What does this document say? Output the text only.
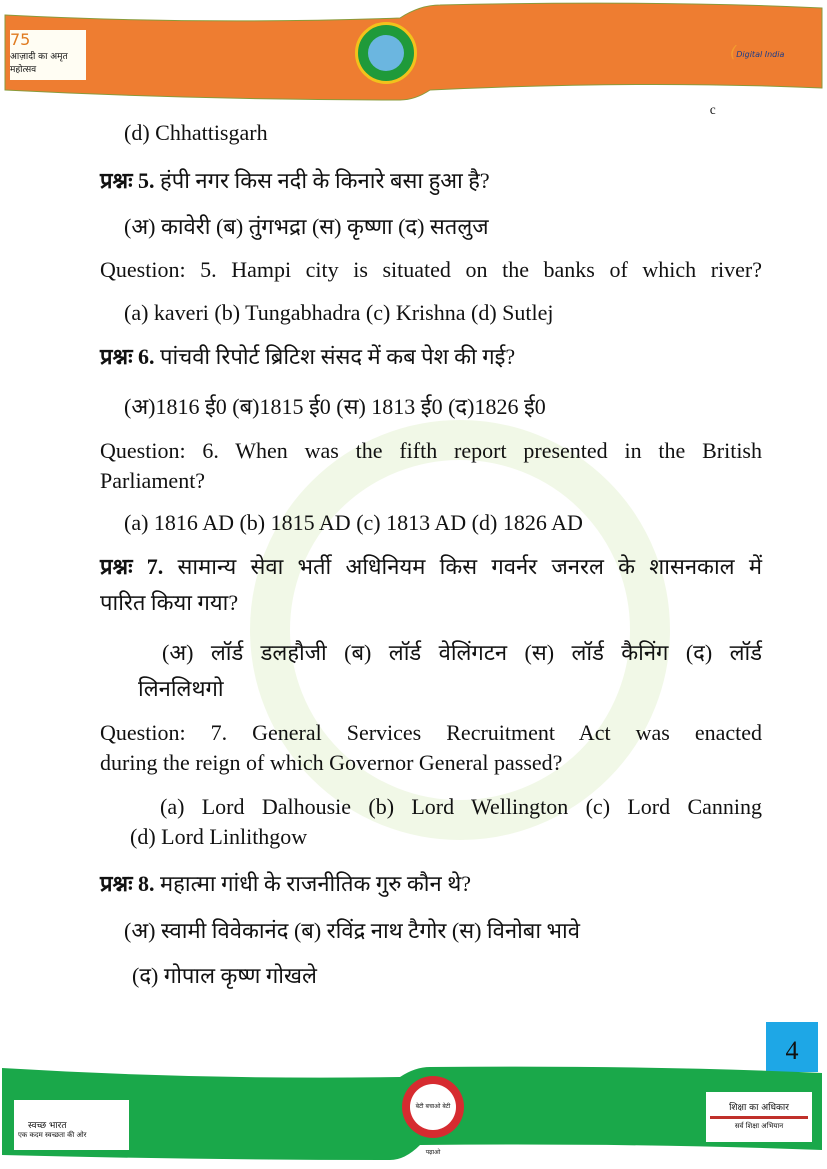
75
आज़ादी का अमृत महोत्सव
(Digital India
ᶜ
(d) Chhattisgarh
प्रश्नः 5. हंपी नगर किस नदी के किनारे बसा हुआ है?
(अ) कावेरी (ब) तुंगभद्रा (स) कृष्णा (द) सतलुज
Question: 5. Hampi city is situated on the banks of which river?
(a) kaveri (b) Tungabhadra (c) Krishna (d) Sutlej
प्रश्नः 6. पांचवी रिपोर्ट ब्रिटिश संसद में कब पेश की गई?
(अ)1816 ई0 (ब)1815 ई0 (स) 1813 ई0 (द)1826 ई0
Question: 6. When was the fifth report presented in the British
Parliament?
(a) 1816 AD (b) 1815 AD (c) 1813 AD (d) 1826 AD
प्रश्नः 7. सामान्य सेवा भर्ती अधिनियम किस गवर्नर जनरल के शासनकाल में
पारित किया गया?
(अ) लॉर्ड डलहौजी (ब) लॉर्ड वेलिंगटन (स) लॉर्ड कैनिंग (द) लॉर्ड
लिनलिथगो
Question: 7. General Services Recruitment Act was enacted
during the reign of which Governor General passed?
(a) Lord Dalhousie (b) Lord Wellington (c) Lord Canning
(d) Lord Linlithgow
प्रश्नः 8. महात्मा गांधी के राजनीतिक गुरु कौन थे?
(अ) स्वामी विवेकानंद (ब) रविंद्र नाथ टैगोर (स) विनोबा भावे
(द) गोपाल कृष्ण गोखले
4
स्वच्छ भारत
एक कदम स्वच्छता की ओर
बेटी बचाओ बेटी पढ़ाओ
शिक्षा का अधिकार
सर्व शिक्षा अभियान
